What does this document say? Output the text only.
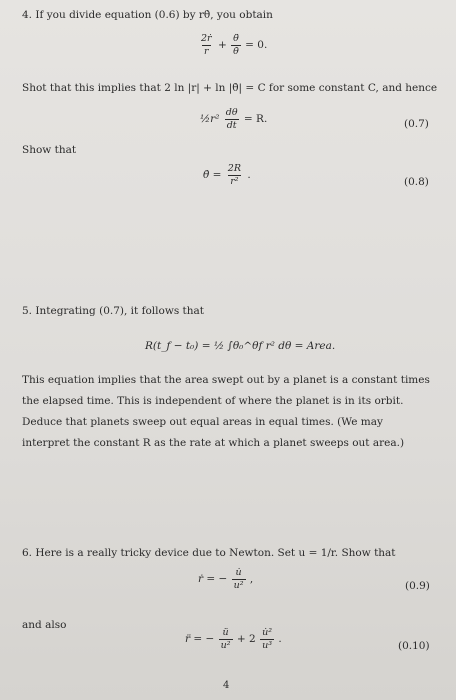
4. If you divide equation (0.6) by rθ̇, you obtain
$\frac{\text{2ṙ}}{r} + \frac{\thetä}{\thetȧ} = 0$.
Shot that this implies that 2 ln |r| + ln |θ̇| = C for some constant C, and hence
½r² $\frac{d\theta}{dt} = R$.	(0.7)
Show that
θ̇ = $\frac{2R}{\text{r²}}$ .
(0.8)
5. Integrating (0.7), it follows that
R(t_f − t₀) = ½ ∫θ₀^θf r² dθ = Area.
This equation implies that the area swept out by a planet is a constant times the elapsed time. This is independent of where the planet is in its orbit. Deduce that planets sweep out equal areas in equal times. (We may interpret the constant R as the rate at which a planet sweeps out area.)
6. Here is a really tricky device due to Newton. Set u = 1/r. Show that
ṙ = − $\frac{u̇}{\text{u²}}$ ,
(0.9)
and also
r̈ = − $\frac{ü}{\text{u²}} + 2 \frac{\text{u̇²}}{\text{u³}}$ .
(0.10)
4
